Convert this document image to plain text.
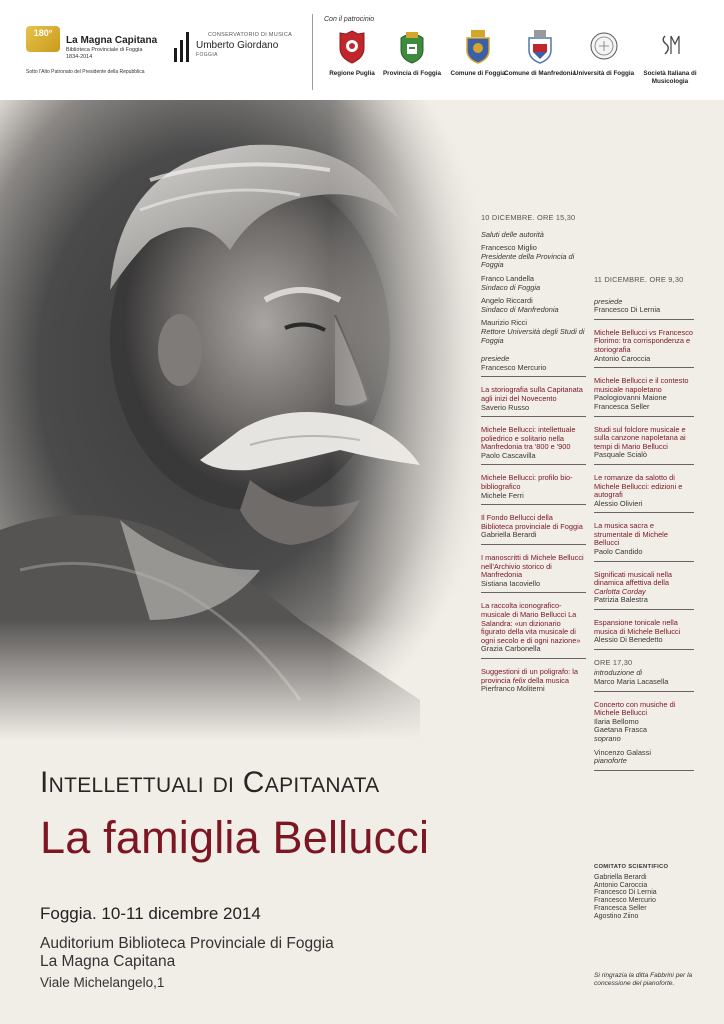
180°
La Magna Capitana
Biblioteca Provinciale di Foggia
1834-2014
Sotto l'Alto Patronato del Presidente della Repubblica
CONSERVATORIO DI MUSICA
Umberto Giordano
FOGGIA
Con il patrocinio
Regione Puglia	Provincia di Foggia	Comune di Foggia
Comune di Manfredonia
Università di Foggia	Società Italiana di Musicologia
Intellettuali di Capitanata
La famiglia Bellucci
Foggia. 10-11 dicembre 2014
Auditorium Biblioteca Provinciale di Foggia
La Magna Capitana
Viale Michelangelo,1
10 DICEMBRE. ORE 15,30
Saluti delle autorità
Francesco Miglio
Presidente della Provincia di Foggia
Franco Landella
Sindaco di Foggia
Angelo Riccardi
Sindaco di Manfredonia
Maurizio Ricci
Rettore Università degli Studi di Foggia
presiede
Francesco Mercurio
La storiografia sulla Capitanata agli inizi del Novecento
Saverio Russo
Michele Bellucci: intellettuale poliedrico e solitario nella Manfredonia tra '800 e '900
Paolo Cascavilla
Michele Bellucci: profilo bio-bibliografico
Michele Ferri
Il Fondo Bellucci della Biblioteca provinciale di Foggia
Gabriella Berardi
I manoscritti di Michele Bellucci nell'Archivio storico di Manfredonia
Sistiana Iacoviello
La raccolta iconografico-musicale di Mario Bellucci La Salandra: «un dizionario figurato della vita musicale di ogni secolo e di ogni nazione»
Grazia Carbonella
Suggestioni di un poligrafo: la provincia felix della musica
Pierfranco Moliterni
11 DICEMBRE. ORE 9,30
presiede
Francesco Di Lernia
Michele Bellucci vs Francesco Florimo: tra corrispondenza e storiografia
Antonio Caroccia
Michele Bellucci e il contesto musicale napoletano
Paologiovanni Maione
Francesca Seller
Studi sul folclore musicale e sulla canzone napoletana ai tempi di Mario Bellucci
Pasquale Scialò
Le romanze da salotto di Michele Bellucci: edizioni e autografi
Alessio Olivieri
La musica sacra e strumentale di Michele Bellucci
Paolo Candido
Significati musicali nella dinamica affettiva della Carlotta Corday
Patrizia Balestra
Espansione tonicale nella musica di Michele Bellucci
Alessio Di Benedetto
ORE 17,30
introduzione di
Marco Maria Lacasella
Concerto con musiche di Michele Bellucci
Ilaria Bellomo
Gaetana Frasca
soprano
Vincenzo Galassi
pianoforte
COMITATO SCIENTIFICO
Gabriella Berardi
Antonio Caroccia
Francesco Di Lernia
Francesco Mercurio
Francesca Seller
Agostino Ziino
Si ringrazia la ditta Fabbrini per la concessione del pianoforte.
